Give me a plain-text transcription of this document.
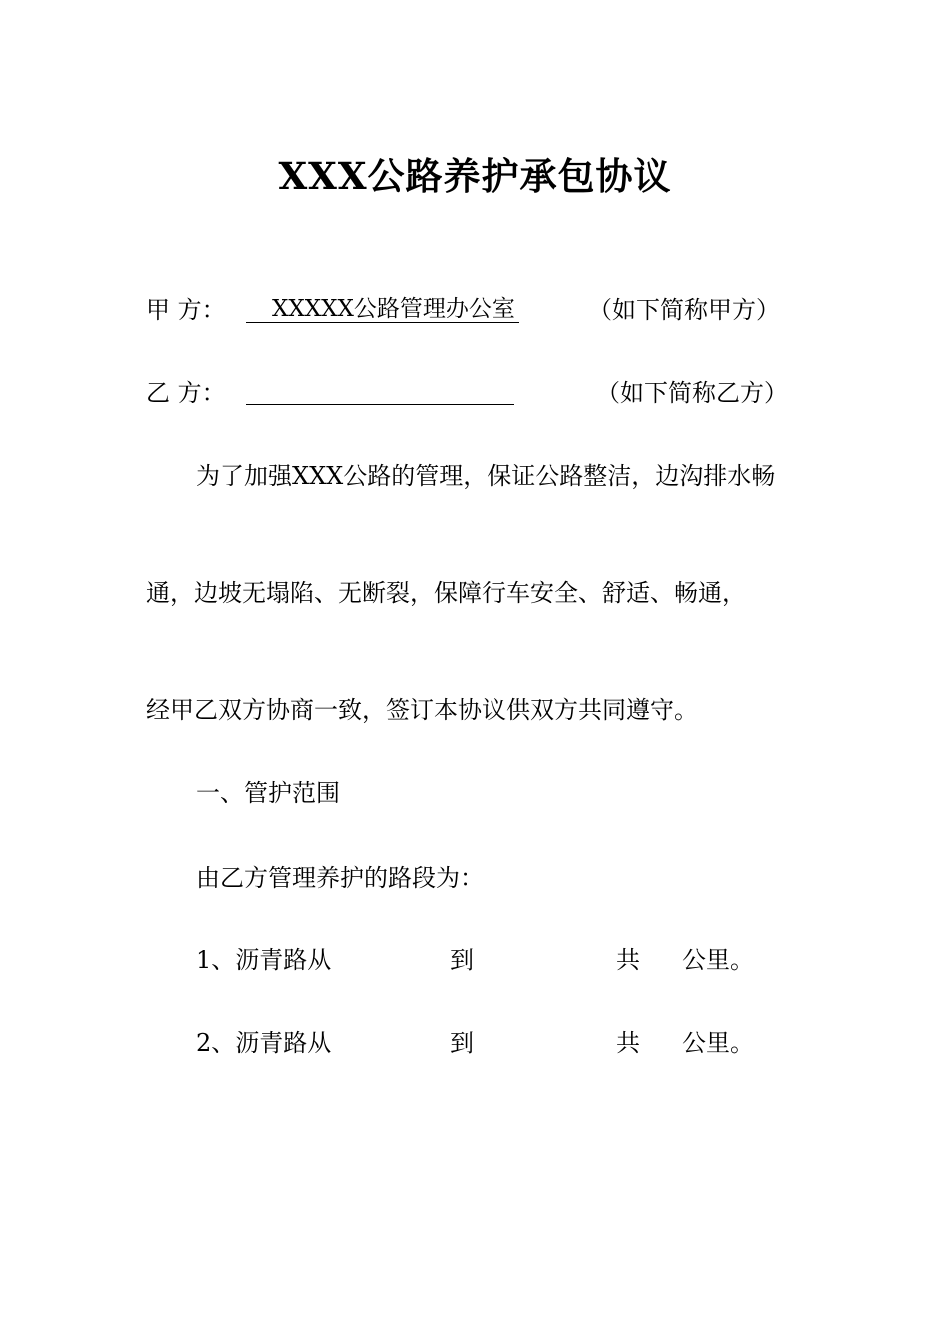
XXX公路养护承包协议
甲 方： XXXXX公路管理办公室	（如下简称甲方）
乙 方：	（如下简称乙方）
为了加强XXX公路的管理，保证公路整洁，边沟排水畅
通，边坡无塌陷、无断裂，保障行车安全、舒适、畅通，
经甲乙双方协商一致，签订本协议供双方共同遵守。
一、管护范围
由乙方管理养护的路段为：
1、沥青路从	到	共 公里。
2、沥青路从	到	共 公里。
